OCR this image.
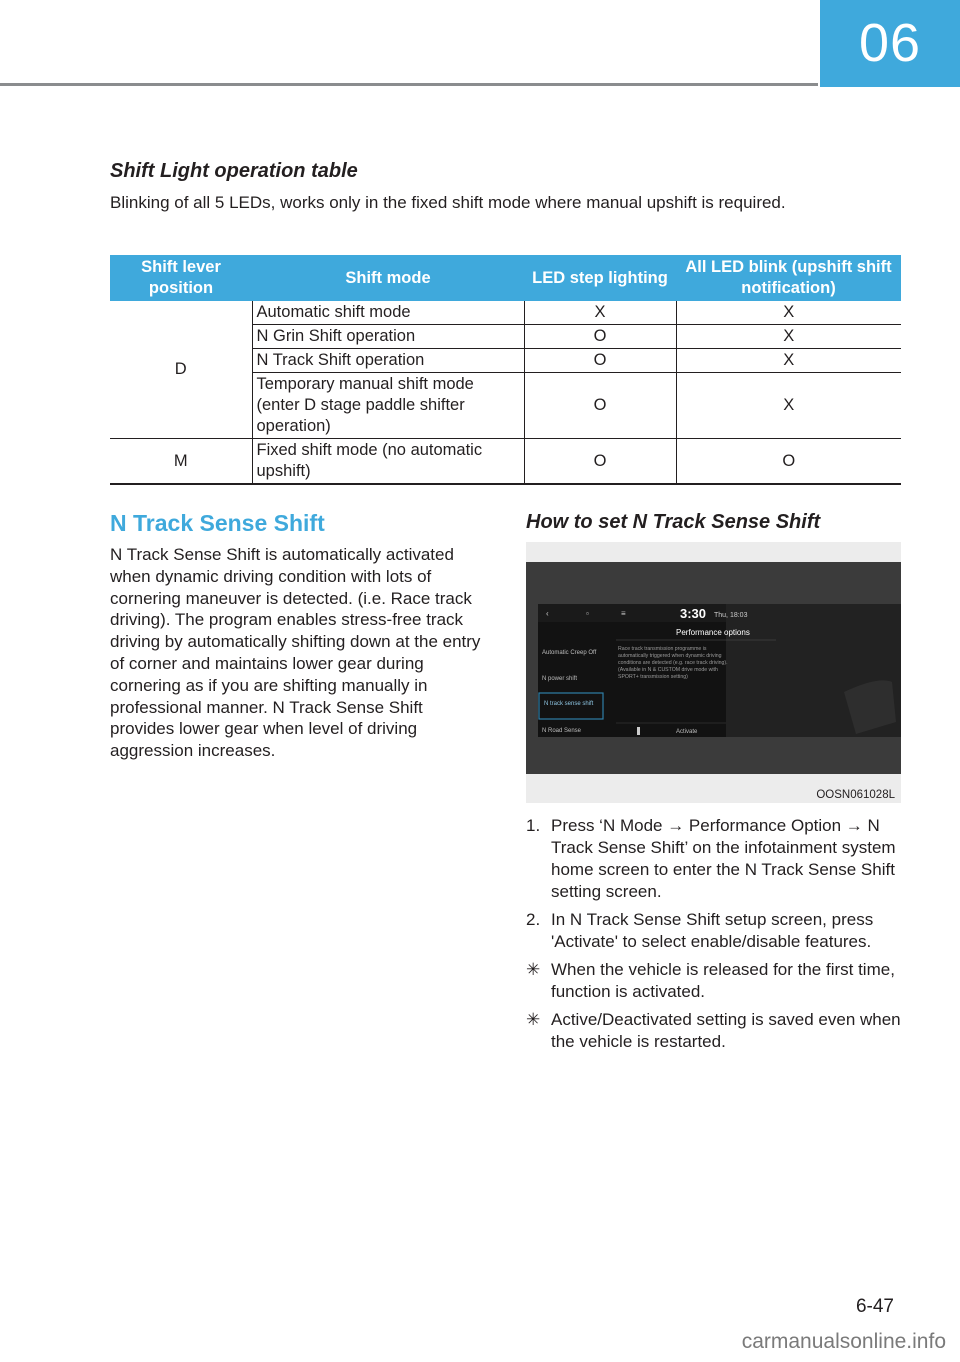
06
Shift Light operation table

Blinking of all 5 LEDs, works only in the fixed shift mode where manual upshift is required.

Shift lever position	Shift mode	LED step lighting	All LED blink (upshift shift notification)
D	Automatic shift mode	X	X
	N Grin Shift operation	O	X
	N Track Shift operation	O	X
	Temporary manual shift mode (enter D stage paddle shifter operation)	O	X
M	Fixed shift mode (no automatic upshift)	O	O
N Track Sense Shift

N Track Sense Shift is automatically activated when dynamic driving condition with lots of cornering maneuver is detected. (i.e. Race track driving). The program enables stress-free track driving by automatically shifting down at the entry of corner and maintains lower gear during cornering as if you are shifting manually in professional manner. N Track Sense Shift provides lower gear when level of driving aggression increases.

How to set N Track Sense Shift
‹	▫	≡	3:30 Thu, 18:03
Performance options
Automatic Creep Off
N power shift
N track sense shift
N Road Sense
Race track transmission programme is automatically triggered when dynamic driving conditions are detected (e.g. race track driving). (Available in N & CUSTOM drive mode with SPORT+ transmission setting)
Activate
OOSN061028L
1. Press ‘N Mode → Performance Option → N Track Sense Shift’ on the infotainment system home screen to enter the N Track Sense Shift setting screen.
2. In N Track Sense Shift setup screen, press 'Activate' to select enable/disable features.
✳ When the vehicle is released for the first time, function is activated.
✳ Active/Deactivated setting is saved even when the vehicle is restarted.
6-47
carmanualsonline.info
